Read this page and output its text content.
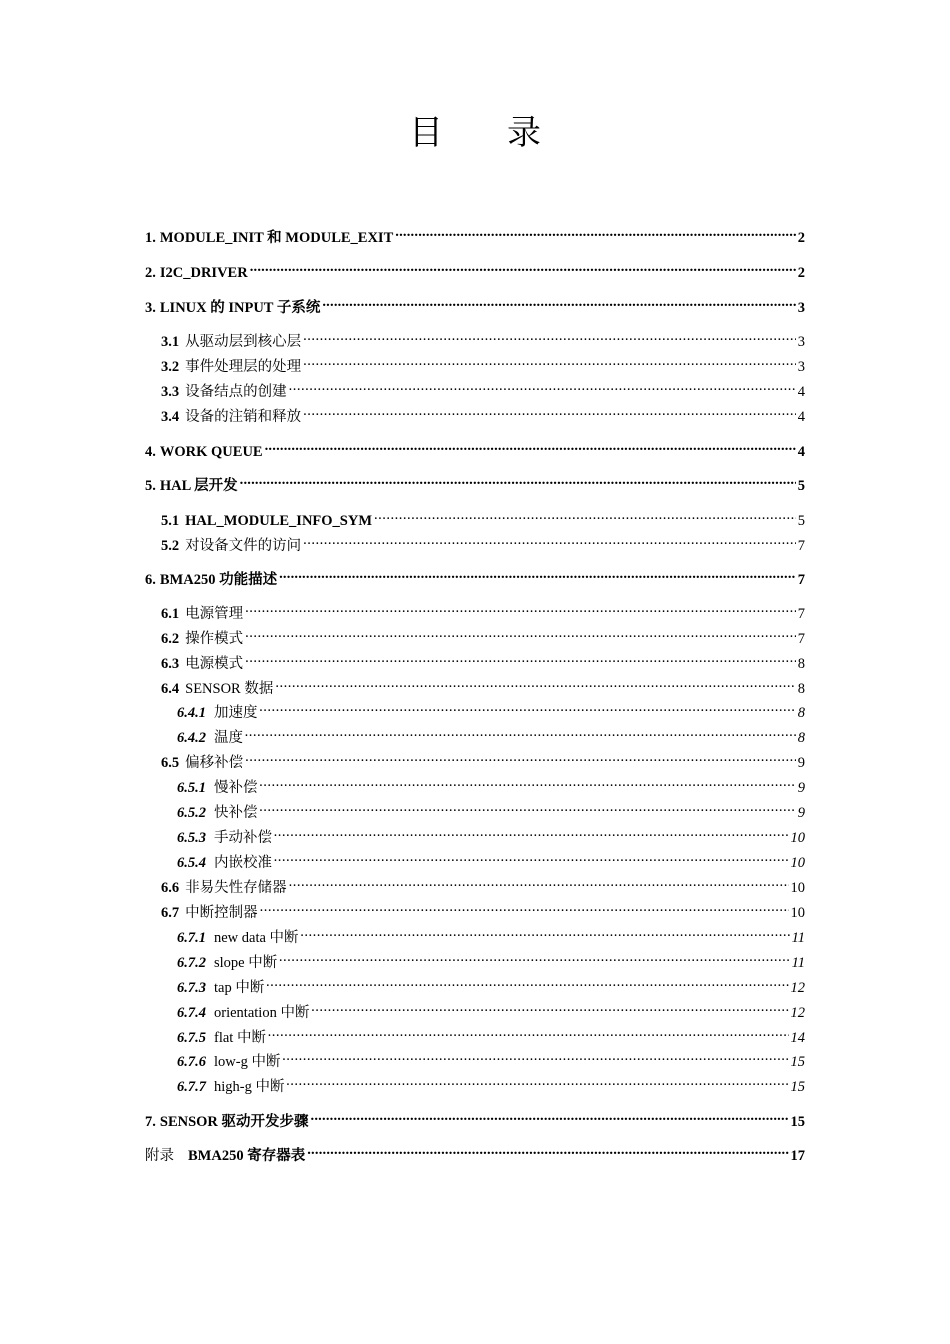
目 录
1. MODULE_INIT 和 MODULE_EXIT .....	2
2. I2C_DRIVER .....	2
3. LINUX 的 INPUT 子系统 .....	3
3.1 从驱动层到核心层 .....	3
3.2 事件处理层的处理 .....	3
3.3 设备结点的创建 .....	4
3.4 设备的注销和释放 .....	4
4. WORK QUEUE .....	4
5. HAL 层开发 .....	5
5.1 HAL_MODULE_INFO_SYM .....	5
5.2 对设备文件的访问 .....	7
6. BMA250 功能描述 .....	7
6.1 电源管理 .....	7
6.2 操作模式 .....	7
6.3 电源模式 .....	8
6.4 SENSOR 数据 .....	8
6.4.1 加速度 .....	8
6.4.2 温度 .....	8
6.5 偏移补偿 .....	9
6.5.1 慢补偿 .....	9
6.5.2 快补偿 .....	9
6.5.3 手动补偿 .....	10
6.5.4 内嵌校准 .....	10
6.6 非易失性存储器 .....	10
6.7 中断控制器 .....	10
6.7.1 new data 中断 .....	11
6.7.2 slope 中断 .....	11
6.7.3 tap 中断 .....	12
6.7.4 orientation 中断 .....	12
6.7.5 flat 中断 .....	14
6.7.6 low-g 中断 .....	15
6.7.7 high-g 中断 .....	15
7. SENSOR 驱动开发步骤 .....	15
附录 BMA250 寄存器表 .....	17
